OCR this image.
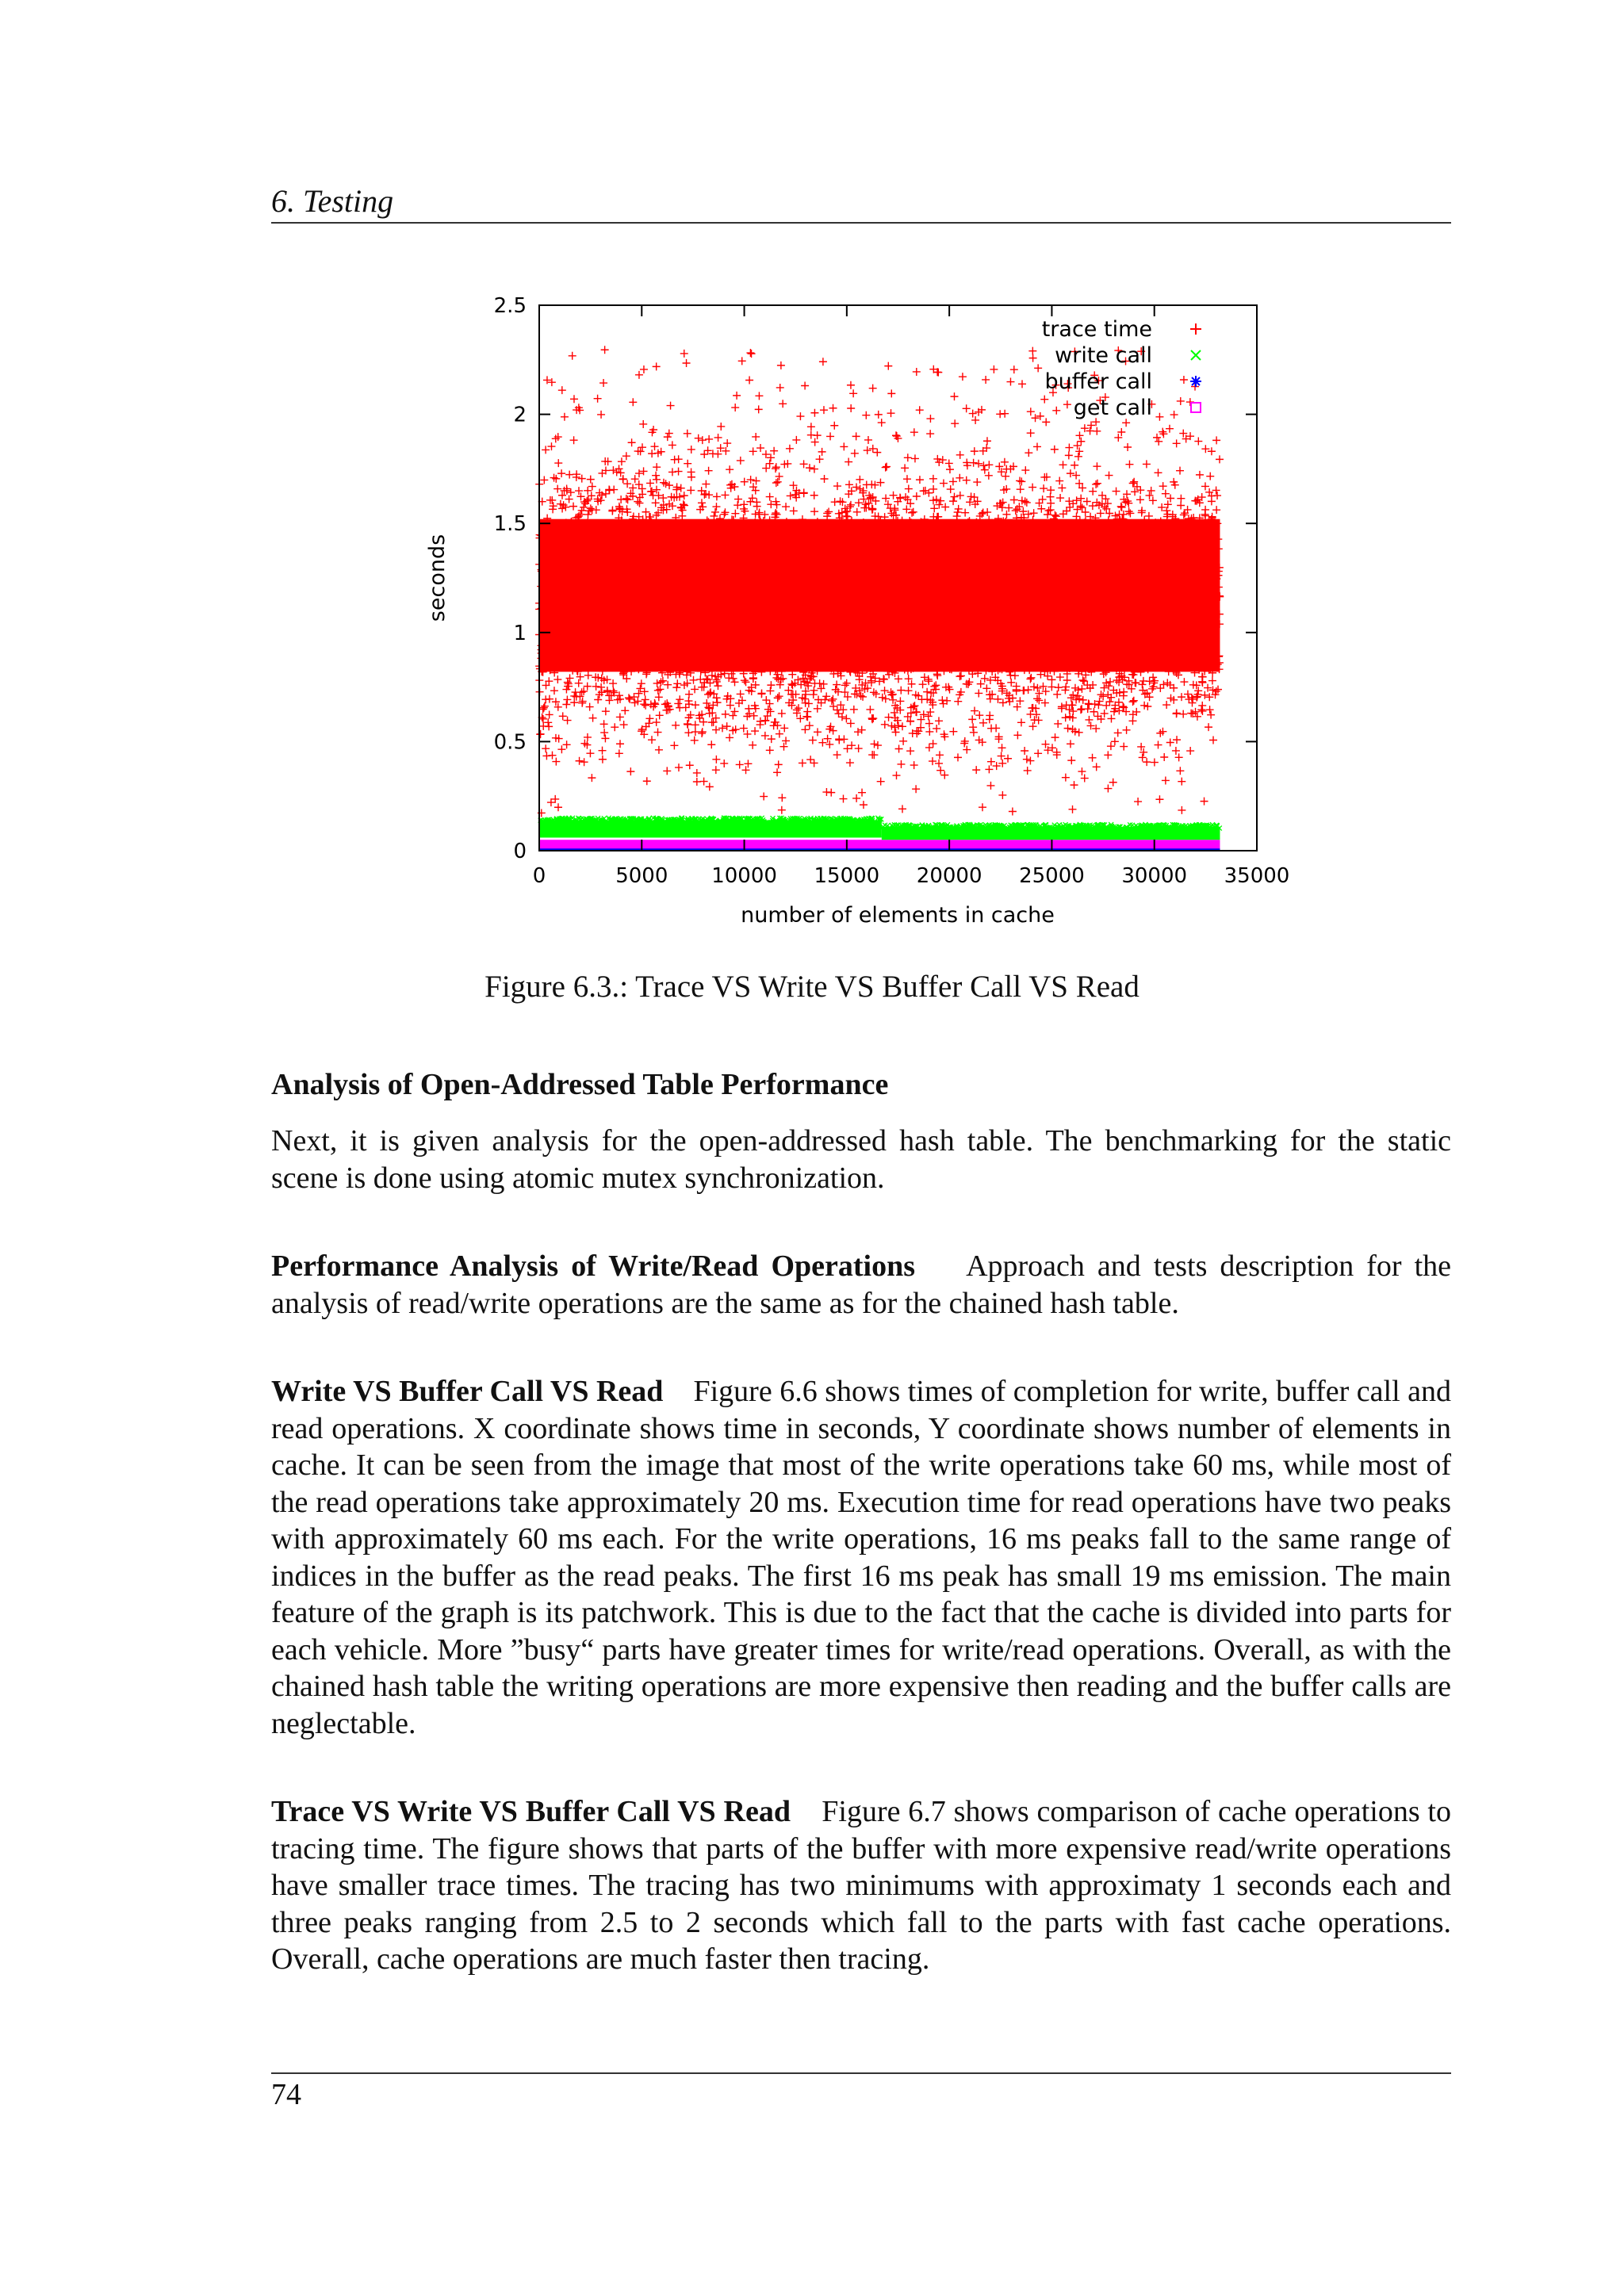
6. Testing
0	5000 10000 15000 20000 25000 30000 35000
0
0.5
1
1.5
2
2.5
number of elements in cache
seconds
trace time
write call
buffer call
get call
Figure 6.3.: Trace VS Write VS Buffer Call VS Read
Analysis of Open-Addressed Table Performance
Next, it is given analysis for the open-addressed hash table. The benchmarking for the static scene is done using atomic mutex synchronization.
Performance Analysis of Write/Read Operations Approach and tests description for the analysis of read/write operations are the same as for the chained hash table.
Write VS Buffer Call VS Read Figure 6.6 shows times of completion for write, buffer call and read operations. X coordinate shows time in seconds, Y coordinate shows number of elements in cache. It can be seen from the image that most of the write operations take 60 ms, while most of the read operations take approximately 20 ms. Execution time for read operations have two peaks with approximately 60 ms each. For the write operations, 16 ms peaks fall to the same range of indices in the buffer as the read peaks. The first 16 ms peak has small 19 ms emission. The main feature of the graph is its patchwork. This is due to the fact that the cache is divided into parts for each vehicle. More ”busy“ parts have greater times for write/read operations. Overall, as with the chained hash table the writing operations are more expensive then reading and the buffer calls are neglectable.
Trace VS Write VS Buffer Call VS Read Figure 6.7 shows comparison of cache operations to tracing time. The figure shows that parts of the buffer with more expensive read/write operations have smaller trace times. The tracing has two minimums with approximaty 1 seconds each and three peaks ranging from 2.5 to 2 seconds which fall to the parts with fast cache operations. Overall, cache operations are much faster then tracing.
74
